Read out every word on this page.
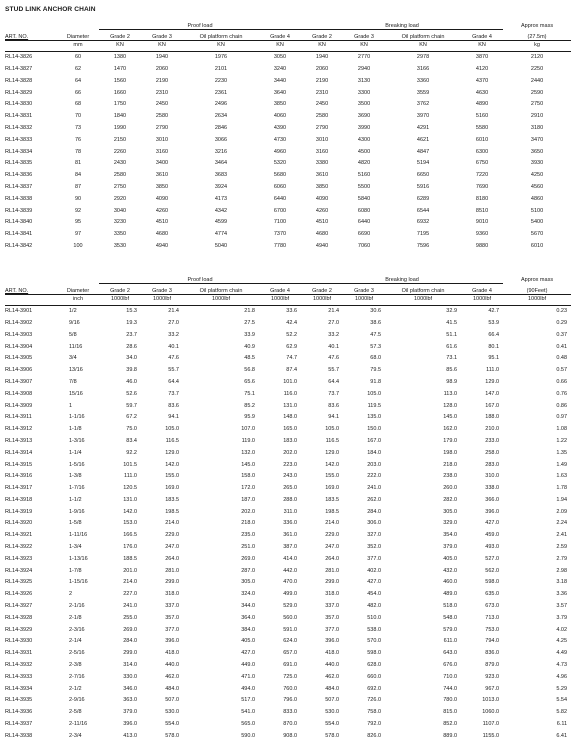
STUD LINK ANCHOR CHAIN
		Proof load				Breaking load				Approx mass
ART. NO.	Diameter	Grade 2	Grade 3	Oil platform chain	Grade 4	Grade 2	Grade 3	Oil platform chain	Grade 4	(27.5m)
	mm	KN	KN	KN	KN	KN	KN	KN	KN	kg
RL14-3826	60	1380	1940	1976	3050	1940	2770	2978	3870	2120
RL14-3827	62	1470	2060	2101	3240	2060	2940	3166	4120	2250
RL14-3828	64	1560	2190	2230	3440	2190	3130	3360	4370	2440
RL14-3829	66	1660	2310	2361	3640	2310	3300	3559	4630	2590
RL14-3830	68	1750	2450	2496	3850	2450	3500	3762	4890	2750
RL14-3831	70	1840	2580	2634	4060	2580	3690	3970	5160	2910
RL14-3832	73	1990	2790	2846	4390	2790	3990	4291	5580	3180
RL14-3833	76	2150	3010	3066	4730	3010	4300	4621	6010	3470
RL14-3834	78	2260	3160	3216	4960	3160	4500	4847	6300	3650
RL14-3835	81	2430	3400	3464	5320	3380	4820	5194	6750	3930
RL14-3836	84	2580	3610	3683	5680	3610	5160	6650	7220	4250
RL14-3837	87	2750	3850	3924	6060	3850	5500	5916	7690	4560
RL14-3838	90	2920	4090	4173	6440	4090	5840	6289	8180	4860
RL14-3839	92	3040	4260	4342	6700	4260	6080	6544	8510	5100
RL14-3840	95	3230	4510	4599	7100	4510	6440	6932	9010	5400
RL14-3841	97	3350	4680	4774	7370	4680	6690	7195	9360	5670
RL14-3842	100	3530	4940	5040	7780	4940	7060	7596	9880	6010
		Proof load				Breaking load				Approx mass
ART. NO.	Diameter	Grade 2	Grade 3	Oil platform chain	Grade 4	Grade 2	Grade 3	Oil platform chain	Grade 4	(90Feet)
	inch	1000lbf	1000lbf	1000lbf	1000lbf	1000lbf	1000lbf	1000lbf	1000lbf	1000lbf
RL14-3901	1/2	15.3	21.4	21.8	33.6	21.4	30.6	32.9	42.7	0.23
RL14-3902	9/16	19.3	27.0	27.5	42.4	27.0	38.6	41.5	53.9	0.29
RL14-3903	5/8	23.7	33.2	33.9	52.2	33.2	47.5	51.1	66.4	0.37
RL14-3904	11/16	28.6	40.1	40.9	62.9	40.1	57.3	61.6	80.1	0.41
RL14-3905	3/4	34.0	47.6	48.5	74.7	47.6	68.0	73.1	95.1	0.48
RL14-3906	13/16	39.8	55.7	56.8	87.4	55.7	79.5	85.6	111.0	0.57
RL14-3907	7/8	46.0	64.4	65.6	101.0	64.4	91.8	98.9	129.0	0.66
RL14-3908	15/16	52.6	73.7	75.1	116.0	73.7	105.0	113.0	147.0	0.76
RL14-3909	1	59.7	83.6	85.2	131.0	83.6	119.5	128.0	167.0	0.86
RL14-3911	1-1/16	67.2	94.1	95.9	148.0	94.1	135.0	145.0	188.0	0.97
RL14-3912	1-1/8	75.0	105.0	107.0	165.0	105.0	150.0	162.0	210.0	1.08
RL14-3913	1-3/16	83.4	116.5	119.0	183.0	116.5	167.0	179.0	233.0	1.22
RL14-3914	1-1/4	92.2	129.0	132.0	202.0	129.0	184.0	198.0	258.0	1.35
RL14-3915	1-5/16	101.5	142.0	145.0	223.0	142.0	203.0	218.0	283.0	1.49
RL14-3916	1-3/8	111.0	155.0	158.0	243.0	155.0	222.0	238.0	310.0	1.63
RL14-3917	1-7/16	120.5	169.0	172.0	265.0	169.0	241.0	260.0	338.0	1.78
RL14-3918	1-1/2	131.0	183.5	187.0	288.0	183.5	262.0	282.0	366.0	1.94
RL14-3919	1-9/16	142.0	198.5	202.0	311.0	198.5	284.0	305.0	396.0	2.09
RL14-3920	1-5/8	153.0	214.0	218.0	336.0	214.0	306.0	329.0	427.0	2.24
RL14-3921	1-11/16	166.5	229.0	235.0	361.0	229.0	327.0	354.0	459.0	2.41
RL14-3922	1-3/4	176.0	247.0	251.0	387.0	247.0	352.0	379.0	493.0	2.59
RL14-3923	1-13/16	188.5	264.0	269.0	414.0	264.0	377.0	405.0	527.0	2.79
RL14-3924	1-7/8	201.0	281.0	287.0	442.0	281.0	402.0	432.0	562.0	2.98
RL14-3925	1-15/16	214.0	299.0	305.0	470.0	299.0	427.0	460.0	598.0	3.18
RL14-3926	2	227.0	318.0	324.0	499.0	318.0	454.0	489.0	635.0	3.36
RL14-3927	2-1/16	241.0	337.0	344.0	529.0	337.0	482.0	518.0	673.0	3.57
RL14-3928	2-1/8	255.0	357.0	364.0	560.0	357.0	510.0	548.0	713.0	3.79
RL14-3929	2-3/16	269.0	377.0	384.0	591.0	377.0	538.0	579.0	753.0	4.02
RL14-3930	2-1/4	284.0	396.0	405.0	624.0	396.0	570.0	611.0	794.0	4.25
RL14-3931	2-5/16	299.0	418.0	427.0	657.0	418.0	598.0	643.0	836.0	4.49
RL14-3932	2-3/8	314.0	440.0	449.0	691.0	440.0	628.0	676.0	879.0	4.73
RL14-3933	2-7/16	330.0	462.0	471.0	725.0	462.0	660.0	710.0	923.0	4.96
RL14-3934	2-1/2	346.0	484.0	494.0	760.0	484.0	692.0	744.0	967.0	5.29
RL14-3935	2-9/16	363.0	507.0	517.0	796.0	507.0	726.0	780.0	1013.0	5.54
RL14-3936	2-5/8	379.0	530.0	541.0	833.0	530.0	758.0	815.0	1060.0	5.82
RL14-3937	2-11/16	396.0	554.0	565.0	870.0	554.0	792.0	852.0	1107.0	6.11
RL14-3938	2-3/4	413.0	578.0	590.0	908.0	578.0	826.0	889.0	1155.0	6.41
